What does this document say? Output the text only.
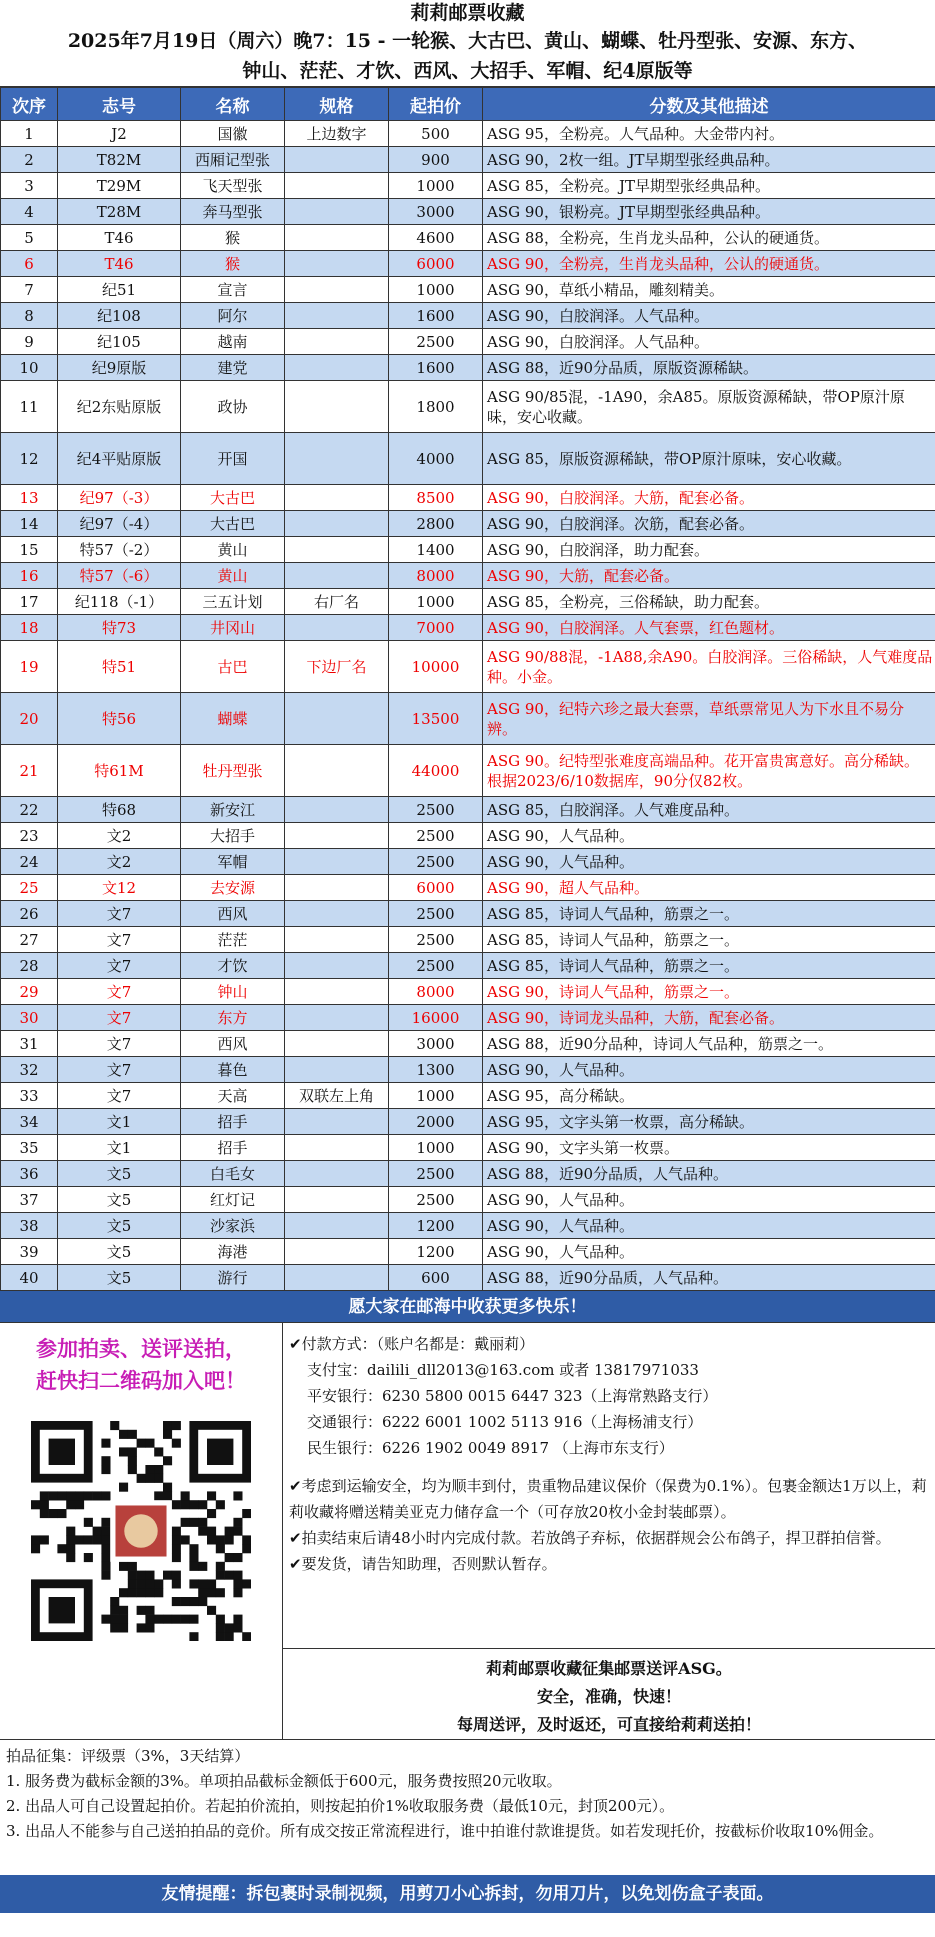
莉莉邮票收藏
2025年7月19日（周六）晚7：15 - 一轮猴、大古巴、黄山、蝴蝶、牡丹型张、安源、东方、
钟山、茫茫、才饮、西风、大招手、军帽、纪4原版等
次序	志号	名称	规格	起拍价	分数及其他描述
1	J2	国徽	上边数字	500	ASG 95，全粉亮。人气品种。大金带内衬。
2	T82M	西厢记型张		900	ASG 90，2枚一组。JT早期型张经典品种。
3	T29M	飞天型张		1000	ASG 85，全粉亮。JT早期型张经典品种。
4	T28M	奔马型张		3000	ASG 90，银粉亮。JT早期型张经典品种。
5	T46	猴		4600	ASG 88，全粉亮，生肖龙头品种，公认的硬通货。
6	T46	猴		6000	ASG 90，全粉亮，生肖龙头品种，公认的硬通货。
7	纪51	宣言		1000	ASG 90，草纸小精品，雕刻精美。
8	纪108	阿尔		1600	ASG 90，白胶润泽。人气品种。
9	纪105	越南		2500	ASG 90，白胶润泽。人气品种。
10	纪9原版	建党		1600	ASG 88，近90分品质，原版资源稀缺。
11	纪2东贴原版	政协		1800	ASG 90/85混，-1A90，余A85。原版资源稀缺，带OP原汁原味，安心收藏。
12	纪4平贴原版	开国		4000	ASG 85，原版资源稀缺，带OP原汁原味，安心收藏。
13	纪97（-3）	大古巴		8500	ASG 90，白胶润泽。大筋，配套必备。
14	纪97（-4）	大古巴		2800	ASG 90，白胶润泽。次筋，配套必备。
15	特57（-2）	黄山		1400	ASG 90，白胶润泽，助力配套。
16	特57（-6）	黄山		8000	ASG 90，大筋，配套必备。
17	纪118（-1）	三五计划	右厂名	1000	ASG 85，全粉亮，三俗稀缺，助力配套。
18	特73	井冈山		7000	ASG 90，白胶润泽。人气套票，红色题材。
19	特51	古巴	下边厂名	10000	ASG 90/88混，-1A88,余A90。白胶润泽。三俗稀缺，人气难度品种。小金。
20	特56	蝴蝶		13500	ASG 90，纪特六珍之最大套票，草纸票常见人为下水且不易分辨。
21	特61M	牡丹型张		44000	ASG 90。纪特型张难度高端品种。花开富贵寓意好。高分稀缺。根据2023/6/10数据库，90分仅82枚。
22	特68	新安江		2500	ASG 85，白胶润泽。人气难度品种。
23	文2	大招手		2500	ASG 90，人气品种。
24	文2	军帽		2500	ASG 90，人气品种。
25	文12	去安源		6000	ASG 90，超人气品种。
26	文7	西风		2500	ASG 85，诗词人气品种，筋票之一。
27	文7	茫茫		2500	ASG 85，诗词人气品种，筋票之一。
28	文7	才饮		2500	ASG 85，诗词人气品种，筋票之一。
29	文7	钟山		8000	ASG 90，诗词人气品种，筋票之一。
30	文7	东方		16000	ASG 90，诗词龙头品种，大筋，配套必备。
31	文7	西风		3000	ASG 88，近90分品种，诗词人气品种，筋票之一。
32	文7	暮色		1300	ASG 90，人气品种。
33	文7	天高	双联左上角	1000	ASG 95，高分稀缺。
34	文1	招手		2000	ASG 95，文字头第一枚票，高分稀缺。
35	文1	招手		1000	ASG 90，文字头第一枚票。
36	文5	白毛女		2500	ASG 88，近90分品质，人气品种。
37	文5	红灯记		2500	ASG 90，人气品种。
38	文5	沙家浜		1200	ASG 90，人气品种。
39	文5	海港		1200	ASG 90，人气品种。
40	文5	游行		600	ASG 88，近90分品质，人气品种。
愿大家在邮海中收获更多快乐！
参加拍卖、送评送拍，
赶快扫二维码加入吧！
✔付款方式：（账户名都是：戴丽莉）
支付宝：dailili_dll2013@163.com 或者 13817971033
平安银行：6230 5800 0015 6447 323（上海常熟路支行）
交通银行：6222 6001 1002 5113 916（上海杨浦支行）
民生银行：6226 1902 0049 8917 （上海市东支行）
✔考虑到运输安全，均为顺丰到付，贵重物品建议保价（保费为0.1%）。包裹金额达1万以上，莉莉收藏将赠送精美亚克力储存盒一个（可存放20枚小金封装邮票）。
✔拍卖结束后请48小时内完成付款。若放鸽子弃标，依据群规会公布鸽子，捍卫群拍信誉。
✔要发货，请告知助理，否则默认暂存。
莉莉邮票收藏征集邮票送评ASG。
安全，准确，快速！
每周送评，及时返还，可直接给莉莉送拍！
拍品征集：评级票（3%，3天结算）
1. 服务费为截标金额的3%。单项拍品截标金额低于600元，服务费按照20元收取。
2. 出品人可自己设置起拍价。若起拍价流拍，则按起拍价1%收取服务费（最低10元，封顶200元）。
3. 出品人不能参与自己送拍拍品的竞价。所有成交按正常流程进行，谁中拍谁付款谁提货。如若发现托价，按截标价收取10%佣金。
友情提醒：拆包裹时录制视频，用剪刀小心拆封，勿用刀片，以免划伤盒子表面。
